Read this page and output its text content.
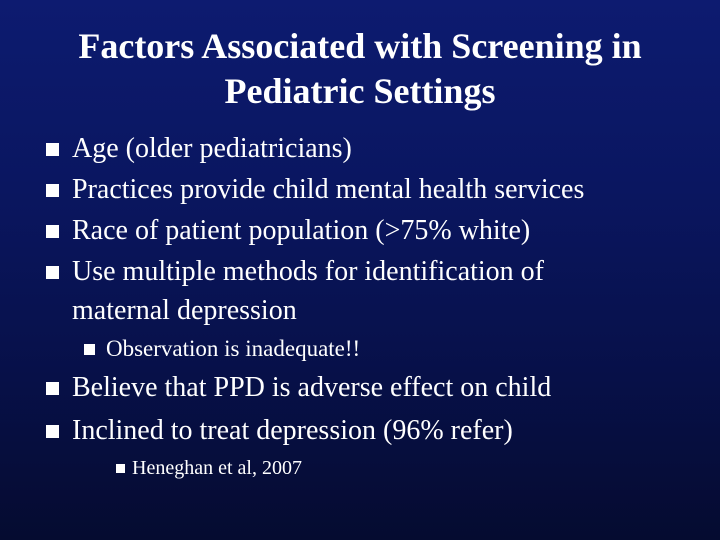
Factors Associated with Screening in
Pediatric Settings
Age (older pediatricians)
Practices provide child mental health services
Race of patient population (>75% white)
Use multiple methods for identification of
maternal depression
Observation is inadequate!!
Believe that PPD is adverse effect on child
Inclined to treat depression (96% refer)
Heneghan et al, 2007
